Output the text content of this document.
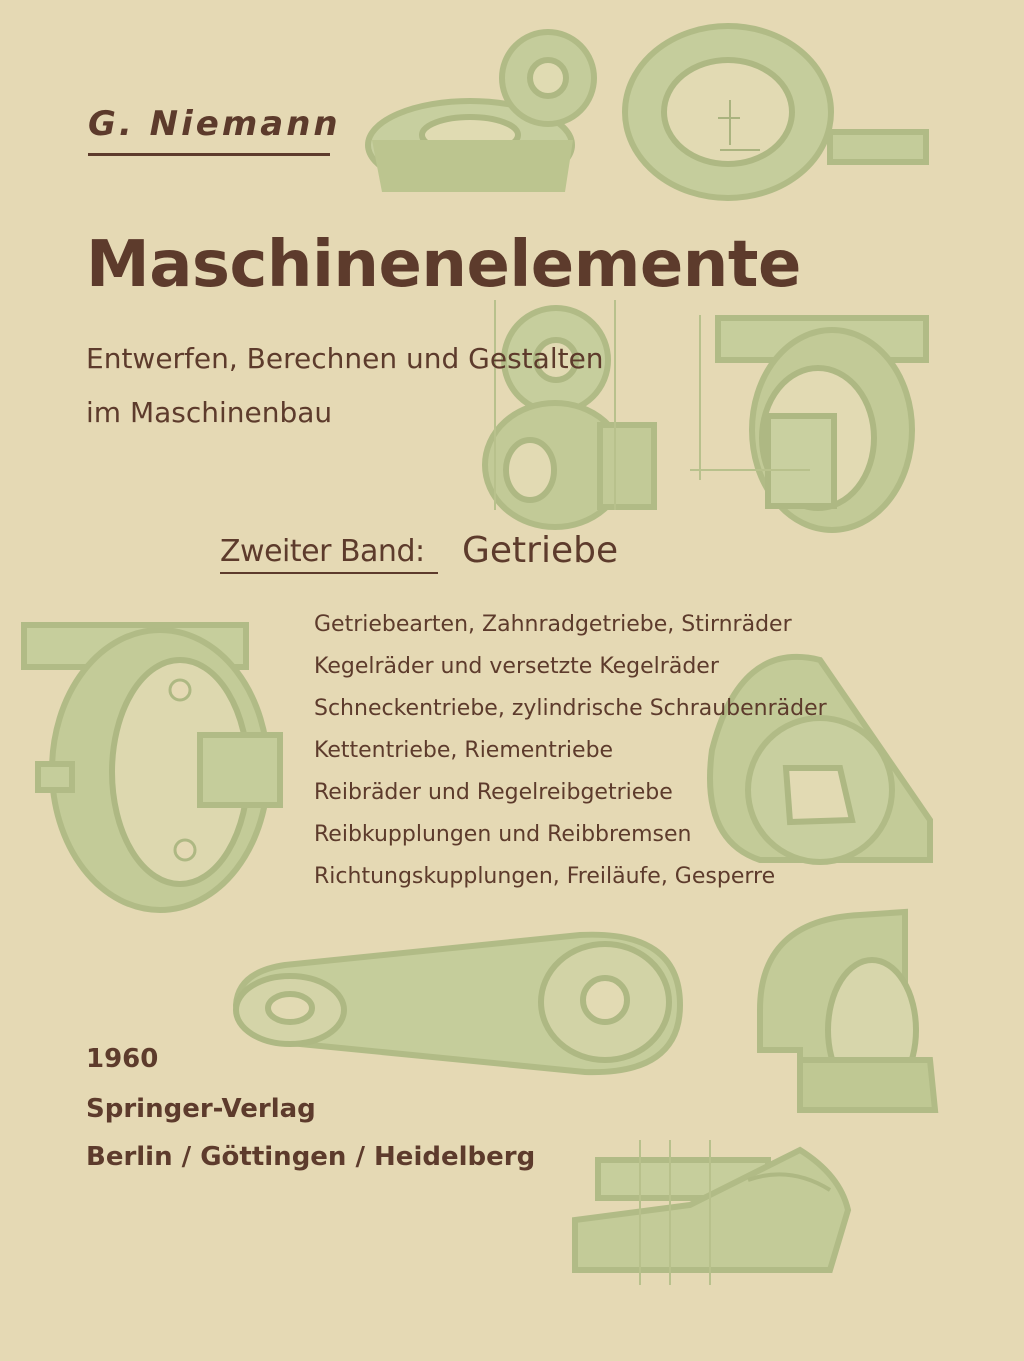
G. Niemann

Maschinenelemente

Entwerfen, Berechnen und Gestalten

im Maschinenbau

Zweiter Band: Getriebe

Getriebearten, Zahnradgetriebe, Stirnräder
Kegelräder und versetzte Kegelräder
Schneckentriebe, zylindrische Schraubenräder
Kettentriebe, Riementriebe
Reibräder und Regelreibgetriebe
Reibkupplungen und Reibbremsen
Richtungskupplungen, Freiläufe, Gesperre

1960

Springer-Verlag

Berlin / Göttingen / Heidelberg
